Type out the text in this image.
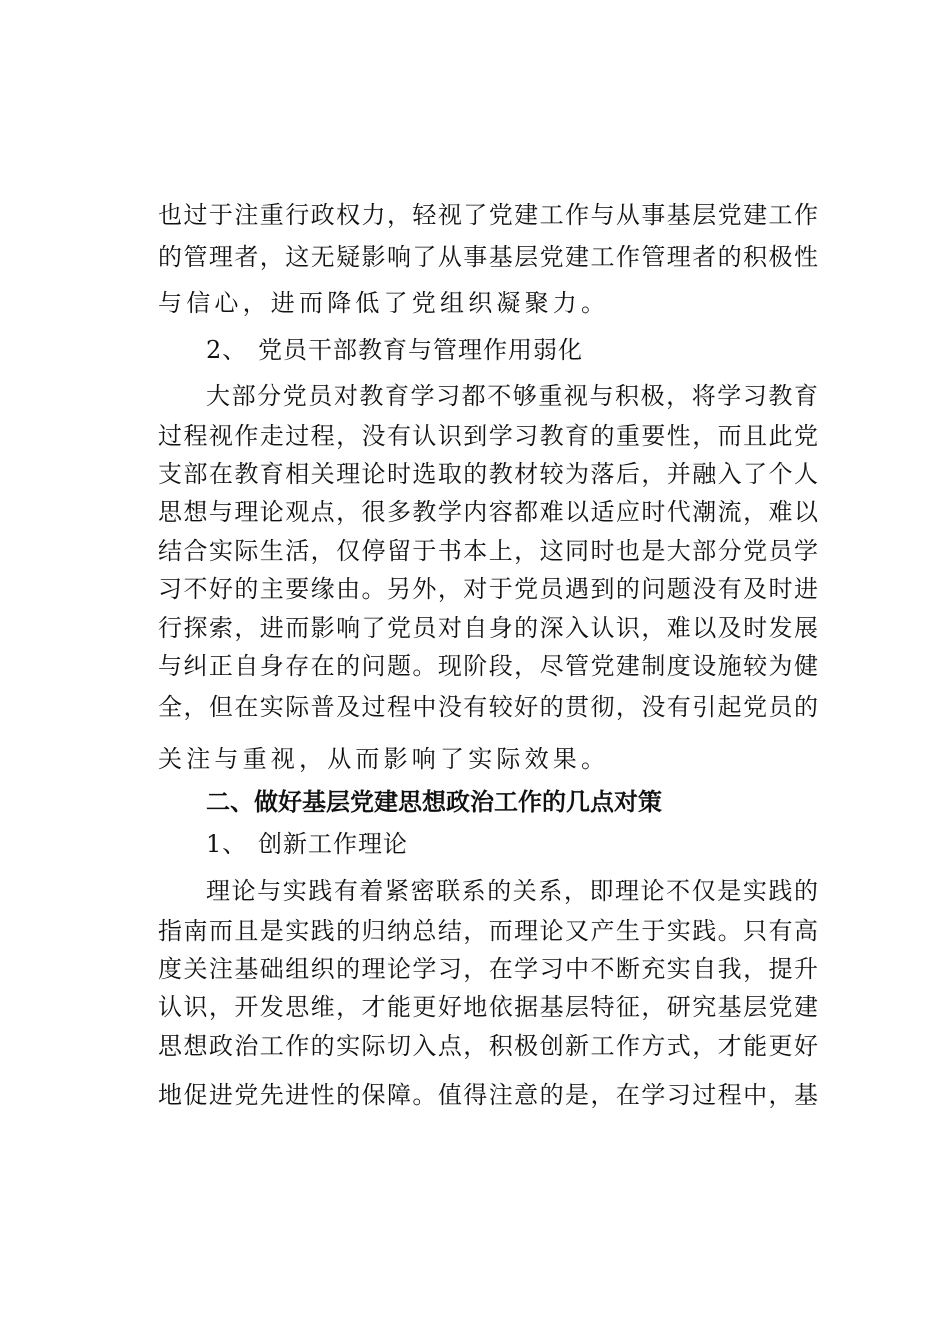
也过于注重行政权力，轻视了党建工作与从事基层党建工作
的管理者，这无疑影响了从事基层党建工作管理者的积极性
与信心，进而降低了党组织凝聚力。
2、 党员干部教育与管理作用弱化
大部分党员对教育学习都不够重视与积极，将学习教育
过程视作走过程，没有认识到学习教育的重要性，而且此党
支部在教育相关理论时选取的教材较为落后，并融入了个人
思想与理论观点，很多教学内容都难以适应时代潮流，难以
结合实际生活，仅停留于书本上，这同时也是大部分党员学
习不好的主要缘由。另外，对于党员遇到的问题没有及时进
行探索，进而影响了党员对自身的深入认识，难以及时发展
与纠正自身存在的问题。现阶段，尽管党建制度设施较为健
全，但在实际普及过程中没有较好的贯彻，没有引起党员的
关注与重视，从而影响了实际效果。
二、做好基层党建思想政治工作的几点对策
1、 创新工作理论
理论与实践有着紧密联系的关系，即理论不仅是实践的
指南而且是实践的归纳总结，而理论又产生于实践。只有高
度关注基础组织的理论学习，在学习中不断充实自我，提升
认识，开发思维，才能更好地依据基层特征，研究基层党建
思想政治工作的实际切入点，积极创新工作方式，才能更好
地促进党先进性的保障。值得注意的是，在学习过程中，基
